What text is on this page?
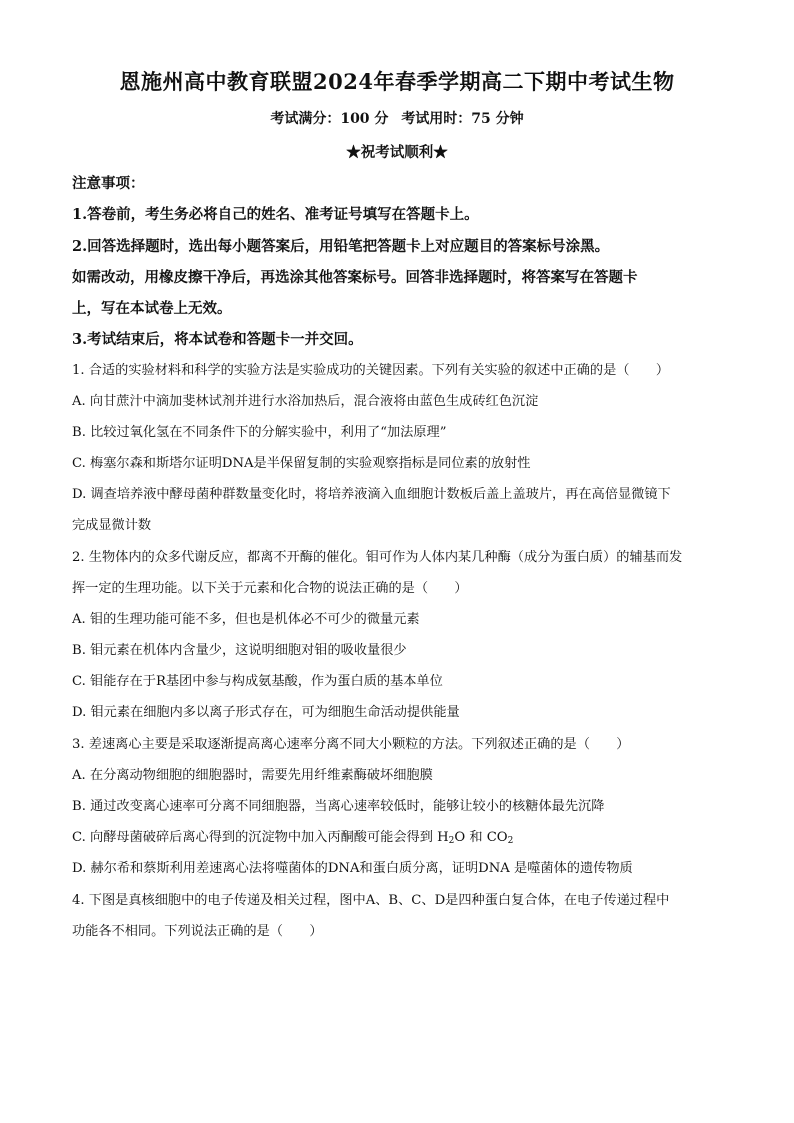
恩施州高中教育联盟2024年春季学期高二下期中考试生物
考试满分：100 分 考试用时：75 分钟
★祝考试顺利★
注意事项：
1.答卷前，考生务必将自己的姓名、准考证号填写在答题卡上。
2.回答选择题时，选出每小题答案后，用铅笔把答题卡上对应题目的答案标号涂黑。
如需改动，用橡皮擦干净后，再选涂其他答案标号。回答非选择题时，将答案写在答题卡
上，写在本试卷上无效。
3.考试结束后，将本试卷和答题卡一并交回。
1. 合适的实验材料和科学的实验方法是实验成功的关键因素。下列有关实验的叙述中正确的是（　　）
A. 向甘蔗汁中滴加斐林试剂并进行水浴加热后，混合液将由蓝色生成砖红色沉淀
B. 比较过氧化氢在不同条件下的分解实验中，利用了“加法原理”
C. 梅塞尔森和斯塔尔证明DNA是半保留复制的实验观察指标是同位素的放射性
D. 调查培养液中酵母菌种群数量变化时，将培养液滴入血细胞计数板后盖上盖玻片，再在高倍显微镜下
完成显微计数
2. 生物体内的众多代谢反应，都离不开酶的催化。钼可作为人体内某几种酶（成分为蛋白质）的辅基而发
挥一定的生理功能。以下关于元素和化合物的说法正确的是（　　）
A. 钼的生理功能可能不多，但也是机体必不可少的微量元素
B. 钼元素在机体内含量少，这说明细胞对钼的吸收量很少
C. 钼能存在于R基团中参与构成氨基酸，作为蛋白质的基本单位
D. 钼元素在细胞内多以离子形式存在，可为细胞生命活动提供能量
3. 差速离心主要是采取逐渐提高离心速率分离不同大小颗粒的方法。下列叙述正确的是（　　）
A. 在分离动物细胞的细胞器时，需要先用纤维素酶破坏细胞膜
B. 通过改变离心速率可分离不同细胞器，当离心速率较低时，能够让较小的核糖体最先沉降
C. 向酵母菌破碎后离心得到的沉淀物中加入丙酮酸可能会得到 $H_2O$ 和 $CO_2$
D. 赫尔希和蔡斯利用差速离心法将噬菌体的DNA和蛋白质分离，证明DNA 是噬菌体的遗传物质
4. 下图是真核细胞中的电子传递及相关过程，图中A、B、C、D是四种蛋白复合体，在电子传递过程中
功能各不相同。下列说法正确的是（　　）
